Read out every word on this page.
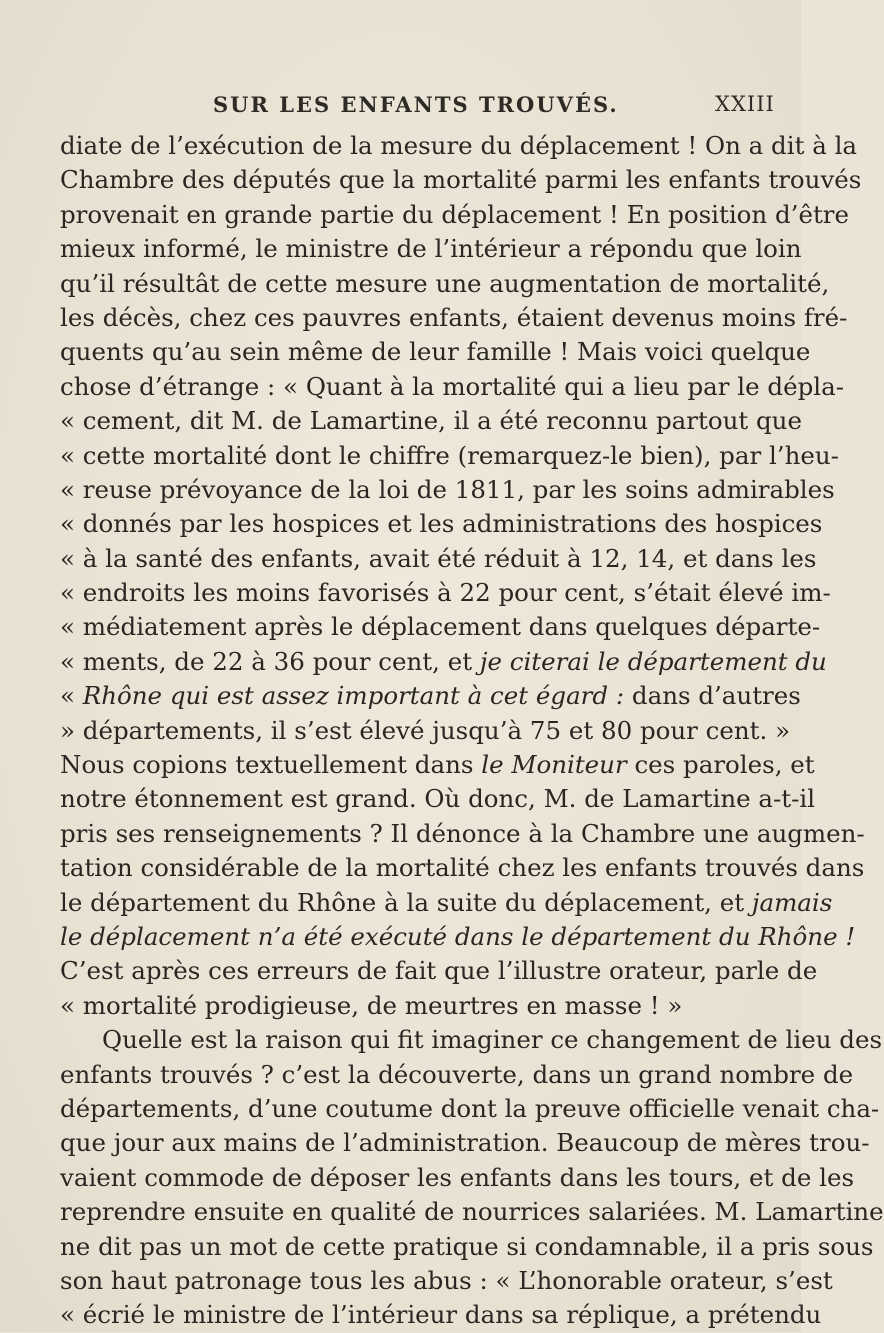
SUR LES ENFANTS TROUVÉS.	XXIII
diate de l’exécution de la mesure du déplacement ! On a dit à la
Chambre des députés que la mortalité parmi les enfants trouvés
provenait en grande partie du déplacement ! En position d’être
mieux informé, le ministre de l’intérieur a répondu que loin
qu’il résultât de cette mesure une augmentation de mortalité,
les décès, chez ces pauvres enfants, étaient devenus moins fré-
quents qu’au sein même de leur famille ! Mais voici quelque
chose d’étrange : « Quant à la mortalité qui a lieu par le dépla-
« cement, dit M. de Lamartine, il a été reconnu partout que
« cette mortalité dont le chiffre (remarquez-le bien), par l’heu-
« reuse prévoyance de la loi de 1811, par les soins admirables
« donnés par les hospices et les administrations des hospices
« à la santé des enfants, avait été réduit à 12, 14, et dans les
« endroits les moins favorisés à 22 pour cent, s’était élevé im-
« médiatement après le déplacement dans quelques départe-
« ments, de 22 à 36 pour cent, et je citerai le département du
« Rhône qui est assez important à cet égard : dans d’autres
» départements, il s’est élevé jusqu’à 75 et 80 pour cent. »
Nous copions textuellement dans le Moniteur ces paroles, et
notre étonnement est grand. Où donc, M. de Lamartine a-t-il
pris ses renseignements ? Il dénonce à la Chambre une augmen-
tation considérable de la mortalité chez les enfants trouvés dans
le département du Rhône à la suite du déplacement, et jamais
le déplacement n’a été exécuté dans le département du Rhône !
C’est après ces erreurs de fait que l’illustre orateur, parle de
« mortalité prodigieuse, de meurtres en masse ! »
Quelle est la raison qui fit imaginer ce changement de lieu des
enfants trouvés ? c’est la découverte, dans un grand nombre de
départements, d’une coutume dont la preuve officielle venait cha-
que jour aux mains de l’administration. Beaucoup de mères trou-
vaient commode de déposer les enfants dans les tours, et de les
reprendre ensuite en qualité de nourrices salariées. M. Lamartine
ne dit pas un mot de cette pratique si condamnable, il a pris sous
son haut patronage tous les abus : « L’honorable orateur, s’est
« écrié le ministre de l’intérieur dans sa réplique, a prétendu
